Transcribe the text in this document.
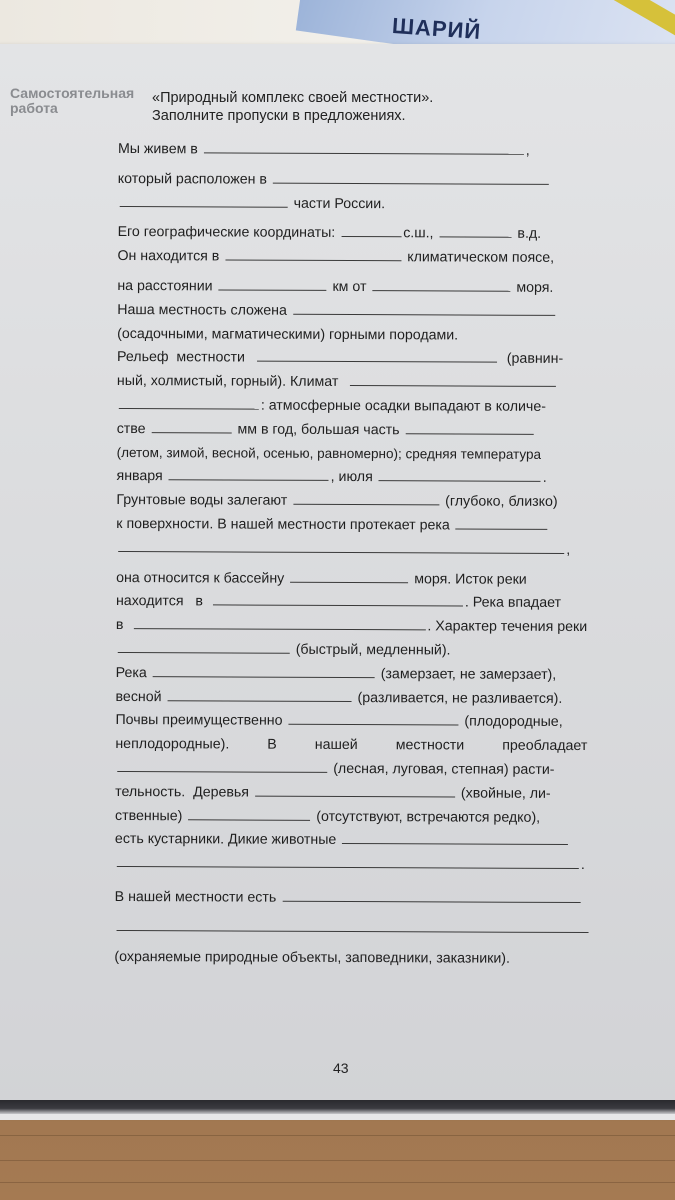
ШАРИЙ
Самостоятельная работа
«Природный комплекс своей местности».
Заполните пропуски в предложениях.
Мы живем в	,
который расположен в
части России.
Его географические координаты:	с.ш.,	в.д.
Он находится в	климатическом поясе,
на расстоянии	км от	моря.
Наша местность сложена
(осадочными, магматическими) горными породами.
Рельеф местности	(равнин-
ный, холмистый, горный). Климат
: атмосферные осадки выпадают в количе-
стве	мм в год, большая часть
(летом, зимой, весной, осенью, равномерно); средняя температура
января	, июля	.
Грунтовые воды залегают	(глубоко, близко)
к поверхности. В нашей местности протекает река
,
она относится к бассейну	моря. Исток реки
находится в	. Река впадает
в	. Характер течения реки
(быстрый, медленный).
Река	(замерзает, не замерзает),
весной	(разливается, не разливается).
Почвы преимущественно	(плодородные,
неплодородные).	В	нашей	местности	преобладает
(лесная, луговая, степная) расти-
тельность. Деревья	(хвойные, ли-
ственные)	(отсутствуют, встречаются редко),
есть кустарники. Дикие животные
.
В нашей местности есть
(охраняемые природные объекты, заповедники, заказники).
43
